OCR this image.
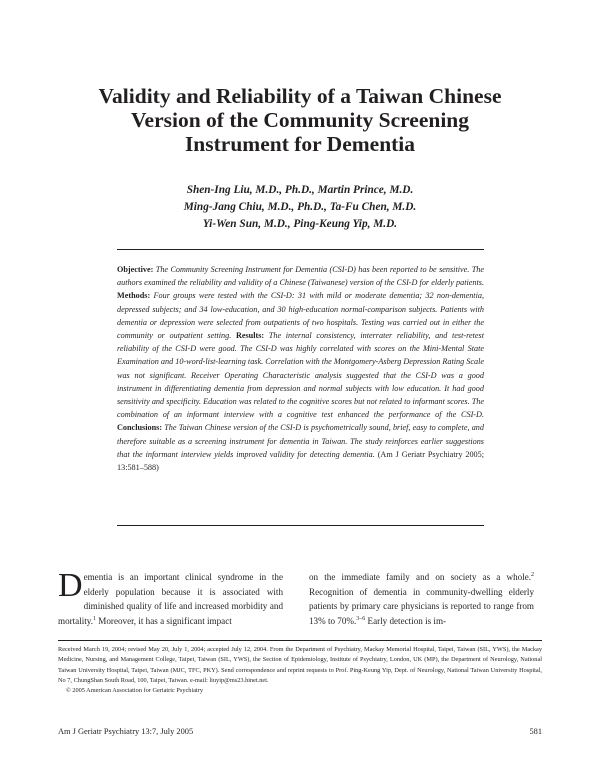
Validity and Reliability of a Taiwan Chinese
Version of the Community Screening
Instrument for Dementia
Shen-Ing Liu, M.D., Ph.D., Martin Prince, M.D.
Ming-Jang Chiu, M.D., Ph.D., Ta-Fu Chen, M.D.
Yi-Wen Sun, M.D., Ping-Keung Yip, M.D.

Objective: The Community Screening Instrument for Dementia (CSI-D) has been reported to be sensitive. The authors examined the reliability and validity of a Chinese (Taiwanese) version of the CSI-D for elderly patients. Methods: Four groups were tested with the CSI-D: 31 with mild or moderate dementia; 32 non-dementia, depressed subjects; and 34 low-education, and 30 high-education normal-comparison subjects. Patients with dementia or depression were selected from outpatients of two hospitals. Testing was carried out in either the community or outpatient setting. Results: The internal consistency, interrater reliability, and test-retest reliability of the CSI-D were good. The CSI-D was highly correlated with scores on the Mini-Mental State Examination and 10-word-list-learning task. Correlation with the Montgomery-Asberg Depression Rating Scale was not significant. Receiver Operating Characteristic analysis suggested that the CSI-D was a good instrument in differentiating dementia from depression and normal subjects with low education. It had good sensitivity and specificity. Education was related to the cognitive scores but not related to informant scores. The combination of an informant interview with a cognitive test enhanced the performance of the CSI-D. Conclusions: The Taiwan Chinese version of the CSI-D is psychometrically sound, brief, easy to complete, and therefore suitable as a screening instrument for dementia in Taiwan. The study reinforces earlier suggestions that the informant interview yields improved validity for detecting dementia. (Am J Geriatr Psychiatry 2005; 13:581–588)

Dementia is an important clinical syndrome in the elderly population because it is associated with diminished quality of life and increased morbidity and mortality.$^1$ Moreover, it has a significant impact

on the immediate family and on society as a whole.$^2$ Recognition of dementia in community-dwelling elderly patients by primary care physicians is reported to range from 13% to 70%.$^{3-6}$ Early detection is im-

Received March 19, 2004; revised May 20, July 1, 2004; accepted July 12, 2004. From the Department of Psychiatry, Mackay Memorial Hospital, Taipei, Taiwan (SIL, YWS), the Mackay Medicine, Nursing, and Management College, Taipei, Taiwan (SIL, YWS), the Section of Epidemiology, Institute of Psychiatry, London, UK (MP), the Department of Neurology, National Taiwan University Hospital, Taipei, Taiwan (MJC, TFC, PKY). Send correspondence and reprint requests to Prof. Ping-Keung Yip, Dept. of Neurology, National Taiwan University Hospital, No 7, ChungShan South Road, 100, Taipei, Taiwan. e-mail: liuyip@ms23.hinet.net.

© 2005 American Association for Geriatric Psychiatry

Am J Geriatr Psychiatry 13:7, July 2005	581
